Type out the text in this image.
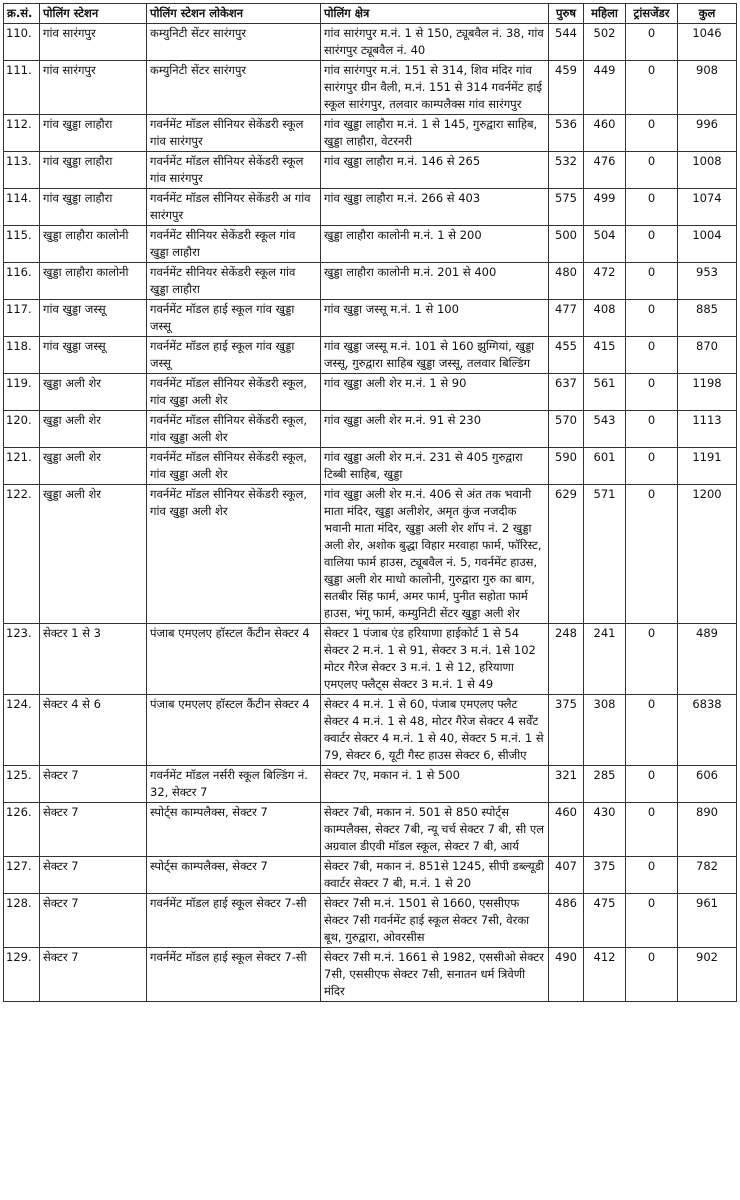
क्र.सं.	पोलिंग स्टेशन	पोलिंग स्टेशन लोकेशन	पोलिंग क्षेत्र	पुरुष	महिला	ट्रांसजेंडर	कुल
110.	गांव सारंगपुर	कम्युनिटी सेंटर सारंगपुर	गांव सारंगपुर म.नं. 1 से 150, ट्यूबवैल नं. 38, गांव सारंगपुर ट्यूबवैल नं. 40	544	502	0	1046
111.	गांव सारंगपुर	कम्युनिटी सेंटर सारंगपुर	गांव सारंगपुर म.नं. 151 से 314, शिव मंदिर गांव सारंगपुर ग्रीन वैली, म.नं. 151 से 314 गवर्नमेंट हाई स्कूल सारंगपुर, तलवार काम्पलैक्स गांव सारंगपुर	459	449	0	908
112.	गांव खुड्डा लाहौरा	गवर्नमेंट मॉडल सीनियर सेकेंडरी स्कूल गांव सारंगपुर	गांव खुड्डा लाहौरा म.नं. 1 से 145, गुरुद्वारा साहिब, खुड्डा लाहौरा, वेटरनरी	536	460	0	996
113.	गांव खुड्डा लाहौरा	गवर्नमेंट मॉडल सीनियर सेकेंडरी स्कूल गांव सारंगपुर	गांव खुड्डा लाहौरा म.नं. 146 से 265	532	476	0	1008
114.	गांव खुड्डा लाहौरा	गवर्नमेंट मॉडल सीनियर सेकेंडरी अ गांव सारंगपुर	गांव खुड्डा लाहौरा म.नं. 266 से 403	575	499	0	1074
115.	खुड्डा लाहौरा कालोनी	गवर्नमेंट सीनियर सेकेंडरी स्कूल गांव खुड्डा लाहौरा	खुड्डा लाहौरा कालोनी म.नं. 1 से 200	500	504	0	1004
116.	खुड्डा लाहौरा कालोनी	गवर्नमेंट सीनियर सेकेंडरी स्कूल गांव खुड्डा लाहौरा	खुड्डा लाहौरा कालोनी म.नं. 201 से 400	480	472	0	953
117.	गांव खुड्डा जस्सू	गवर्नमेंट मॉडल हाई स्कूल गांव खुड्डा जस्सू	गांव खुड्डा जस्सू म.नं. 1 से 100	477	408	0	885
118.	गांव खुड्डा जस्सू	गवर्नमेंट मॉडल हाई स्कूल गांव खुड्डा जस्सू	गांव खुड्डा जस्सू म.नं. 101 से 160 झुग्गियां, खुड्डा जस्सू, गुरुद्वारा साहिब खुड्डा जस्सू, तलवार बिल्डिंग	455	415	0	870
119.	खुड्डा अली शेर	गवर्नमेंट मॉडल सीनियर सेकेंडरी स्कूल, गांव खुड्डा अली शेर	गांव खुड्डा अली शेर म.नं. 1 से 90	637	561	0	1198
120.	खुड्डा अली शेर	गवर्नमेंट मॉडल सीनियर सेकेंडरी स्कूल, गांव खुड्डा अली शेर	गांव खुड्डा अली शेर म.नं. 91 से 230	570	543	0	1113
121.	खुड्डा अली शेर	गवर्नमेंट मॉडल सीनियर सेकेंडरी स्कूल, गांव खुड्डा अली शेर	गांव खुड्डा अली शेर म.नं. 231 से 405 गुरुद्वारा टिब्बी साहिब, खुड्डा	590	601	0	1191
122.	खुड्डा अली शेर	गवर्नमेंट मॉडल सीनियर सेकेंडरी स्कूल, गांव खुड्डा अली शेर	गांव खुड्डा अली शेर म.नं. 406 से अंत तक भवानी माता मंदिर, खुड्डा अलीशेर, अमृत कुंज नजदीक भवानी माता मंदिर, खुड्डा अली शेर शॉप नं. 2 खुड्डा अली शेर, अशोक बुद्धा विहार मरवाहा फार्म, फॉरिस्ट, वालिया फार्म हाउस, ट्यूबवैल नं. 5, गवर्नमेंट हाउस, खुड्डा अली शेर माधो कालोनी, गुरुद्वारा गुरु का बाग, सतबीर सिंह फार्म, अमर फार्म, पुनीत सहोता फार्म हाउस, भंगू फार्म, कम्युनिटी सेंटर खुड्डा अली शेर	629	571	0	1200
123.	सेक्टर 1 से 3	पंजाब एमएलए हॉस्टल कैंटीन सेक्टर 4	सेक्टर 1 पंजाब एंड हरियाणा हाईकोर्ट 1 से 54 सेक्टर 2 म.नं. 1 से 91, सेक्टर 3 म.नं. 1से 102 मोटर गैरेज सेक्टर 3 म.नं. 1 से 12, हरियाणा एमएलए फ्लैट्स सेक्टर 3 म.नं. 1 से 49	248	241	0	489
124.	सेक्टर 4 से 6	पंजाब एमएलए हॉस्टल कैंटीन सेक्टर 4	सेक्टर 4 म.नं. 1 से 60, पंजाब एमएलए फ्लैट सेक्टर 4 म.नं. 1 से 48, मोटर गैरेज सेक्टर 4 सर्वेंट क्वार्टर सेक्टर 4 म.नं. 1 से 40, सेक्टर 5 म.नं. 1 से 79, सेक्टर 6, यूटी गैस्ट हाउस सेक्टर 6, सीजीए	375	308	0	6838
125.	सेक्टर 7	गवर्नमेंट मॉडल नर्सरी स्कूल बिल्डिंग नं. 32, सेक्टर 7	सेक्टर 7ए, मकान नं. 1 से 500	321	285	0	606
126.	सेक्टर 7	स्पोर्ट्स काम्पलैक्स, सेक्टर 7	सेक्टर 7बी, मकान नं. 501 से 850 स्पोर्ट्स काम्पलैक्स, सेक्टर 7बी, न्यू चर्च सेक्टर 7 बी, सी एल अग्रवाल डीएवी मॉडल स्कूल, सेक्टर 7 बी, आर्य	460	430	0	890
127.	सेक्टर 7	स्पोर्ट्स काम्पलैक्स, सेक्टर 7	सेक्टर 7बी, मकान नं. 851से 1245, सीपी डब्ल्यूडी क्वार्टर सेक्टर 7 बी, म.नं. 1 से 20	407	375	0	782
128.	सेक्टर 7	गवर्नमेंट मॉडल हाई स्कूल सेक्टर 7-सी	सेक्टर 7सी म.नं. 1501 से 1660, एससीएफ सेक्टर 7सी गवर्नमेंट हाई स्कूल सेक्टर 7सी, वेरका बूथ, गुरुद्वारा, ओवरसीस	486	475	0	961
129.	सेक्टर 7	गवर्नमेंट मॉडल हाई स्कूल सेक्टर 7-सी	सेक्टर 7सी म.नं. 1661 से 1982, एससीओ सेक्टर 7सी, एससीएफ सेक्टर 7सी, सनातन धर्म त्रिवेणी मंदिर	490	412	0	902
